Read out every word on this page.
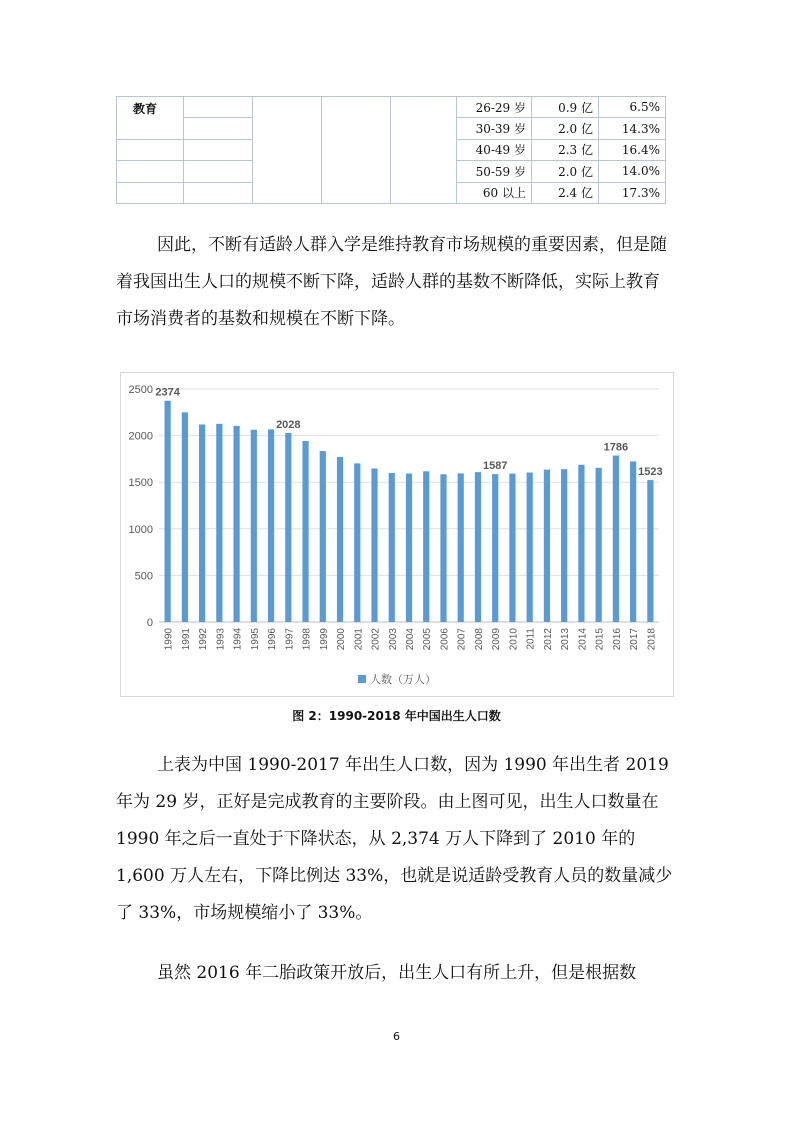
教育					26-29 岁	0.9 亿	6.5%
					30-39 岁	2.0 亿	14.3%
					40-49 岁	2.3 亿	16.4%
					50-59 岁	2.0 亿	14.0%
					60 以上	2.4 亿	17.3%

因此，不断有适龄人群入学是维持教育市场规模的重要因素，但是随着我国出生人口的规模不断下降，适龄人群的基数不断降低，实际上教育市场消费者的基数和规模在不断下降。

0
500
1000
1500
2000
2500
1990
2374
1991 1992 1993 1994 1995 1996 1997
2028
1998 1999 2000 2001 2002 2003 2004 2005 2006 2007 2008 2009
1587
2010 2011 2012 2013 2014 2015 2016
1786
2017 2018
1523
人数（万人）
图 2：1990-2018 年中国出生人口数

上表为中国 1990-2017 年出生人口数，因为 1990 年出生者 2019 年为 29 岁，正好是完成教育的主要阶段。由上图可见，出生人口数量在 1990 年之后一直处于下降状态，从 2,374 万人下降到了 2010 年的 1,600 万人左右，下降比例达 33%，也就是说适龄受教育人员的数量减少了 33%，市场规模缩小了 33%。

虽然 2016 年二胎政策开放后，出生人口有所上升，但是根据数

6
